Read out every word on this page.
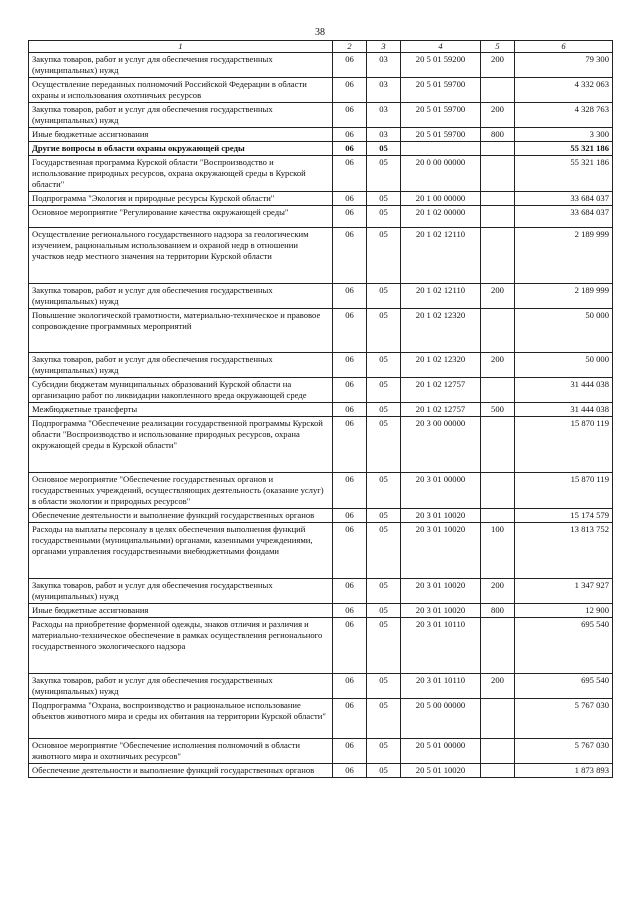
38
1	2	3	4	5	6
Закупка товаров, работ и услуг для обеспечения государственных (муниципальных) нужд	06	03	20 5 01 59200	200	79 300
Осуществление переданных полномочий Российской Федерации в области охраны и использования охотничьих ресурсов	06	03	20 5 01 59700		4 332 063
Закупка товаров, работ и услуг для обеспечения государственных (муниципальных) нужд	06	03	20 5 01 59700	200	4 328 763
Иные бюджетные ассигнования	06	03	20 5 01 59700	800	3 300
Другие вопросы в области охраны окружающей среды	06	05			55 321 186
Государственная программа Курской области "Воспроизводство и использование природных ресурсов, охрана окружающей среды в Курской области"	06	05	20 0 00 00000		55 321 186
Подпрограмма "Экология и природные ресурсы Курской области"	06	05	20 1 00 00000		33 684 037
Основное мероприятие "Регулирование качества окружающей среды"	06	05	20 1 02 00000		33 684 037
Осуществление регионального государственного надзора за геологическим изучением, рациональным использованием и охраной недр в отношении участков недр местного значения на территории Курской области	06	05	20 1 02 12110		2 189 999
Закупка товаров, работ и услуг для обеспечения государственных (муниципальных) нужд	06	05	20 1 02 12110	200	2 189 999
Повышение экологической грамотности, материально-техническое и правовое сопровождение программных мероприятий	06	05	20 1 02 12320		50 000
Закупка товаров, работ и услуг для обеспечения государственных (муниципальных) нужд	06	05	20 1 02 12320	200	50 000
Субсидии бюджетам муниципальных образований Курской области на организацию работ по ликвидации накопленного вреда окружающей среде	06	05	20 1 02 12757		31 444 038
Межбюджетные трансферты	06	05	20 1 02 12757	500	31 444 038
Подпрограмма "Обеспечение реализации государственной программы Курской области "Воспроизводство и использование природных ресурсов, охрана окружающей среды в Курской области"	06	05	20 3 00 00000		15 870 119
Основное мероприятие "Обеспечение государственных органов и государственных учреждений, осуществляющих деятельность (оказание услуг) в области экологии и природных ресурсов"	06	05	20 3 01 00000		15 870 119
Обеспечение деятельности и выполнение функций государственных органов	06	05	20 3 01 10020		15 174 579
Расходы на выплаты персоналу в целях обеспечения выполнения функций государственными (муниципальными) органами, казенными учреждениями, органами управления государственными внебюджетными фондами	06	05	20 3 01 10020	100	13 813 752
Закупка товаров, работ и услуг для обеспечения государственных (муниципальных) нужд	06	05	20 3 01 10020	200	1 347 927
Иные бюджетные ассигнования	06	05	20 3 01 10020	800	12 900
Расходы на приобретение форменной одежды, знаков отличия и различия и материально-техническое обеспечение в рамках осуществления регионального государственного экологического надзора	06	05	20 3 01 10110		695 540
Закупка товаров, работ и услуг для обеспечения государственных (муниципальных) нужд	06	05	20 3 01 10110	200	695 540
Подпрограмма "Охрана, воспроизводство и рациональное использование объектов животного мира и среды их обитания на территории Курской области"	06	05	20 5 00 00000		5 767 030
Основное мероприятие "Обеспечение исполнения полномочий в области животного мира и охотничьих ресурсов"	06	05	20 5 01 00000		5 767 030
Обеспечение деятельности и выполнение функций государственных органов	06	05	20 5 01 10020		1 873 893
